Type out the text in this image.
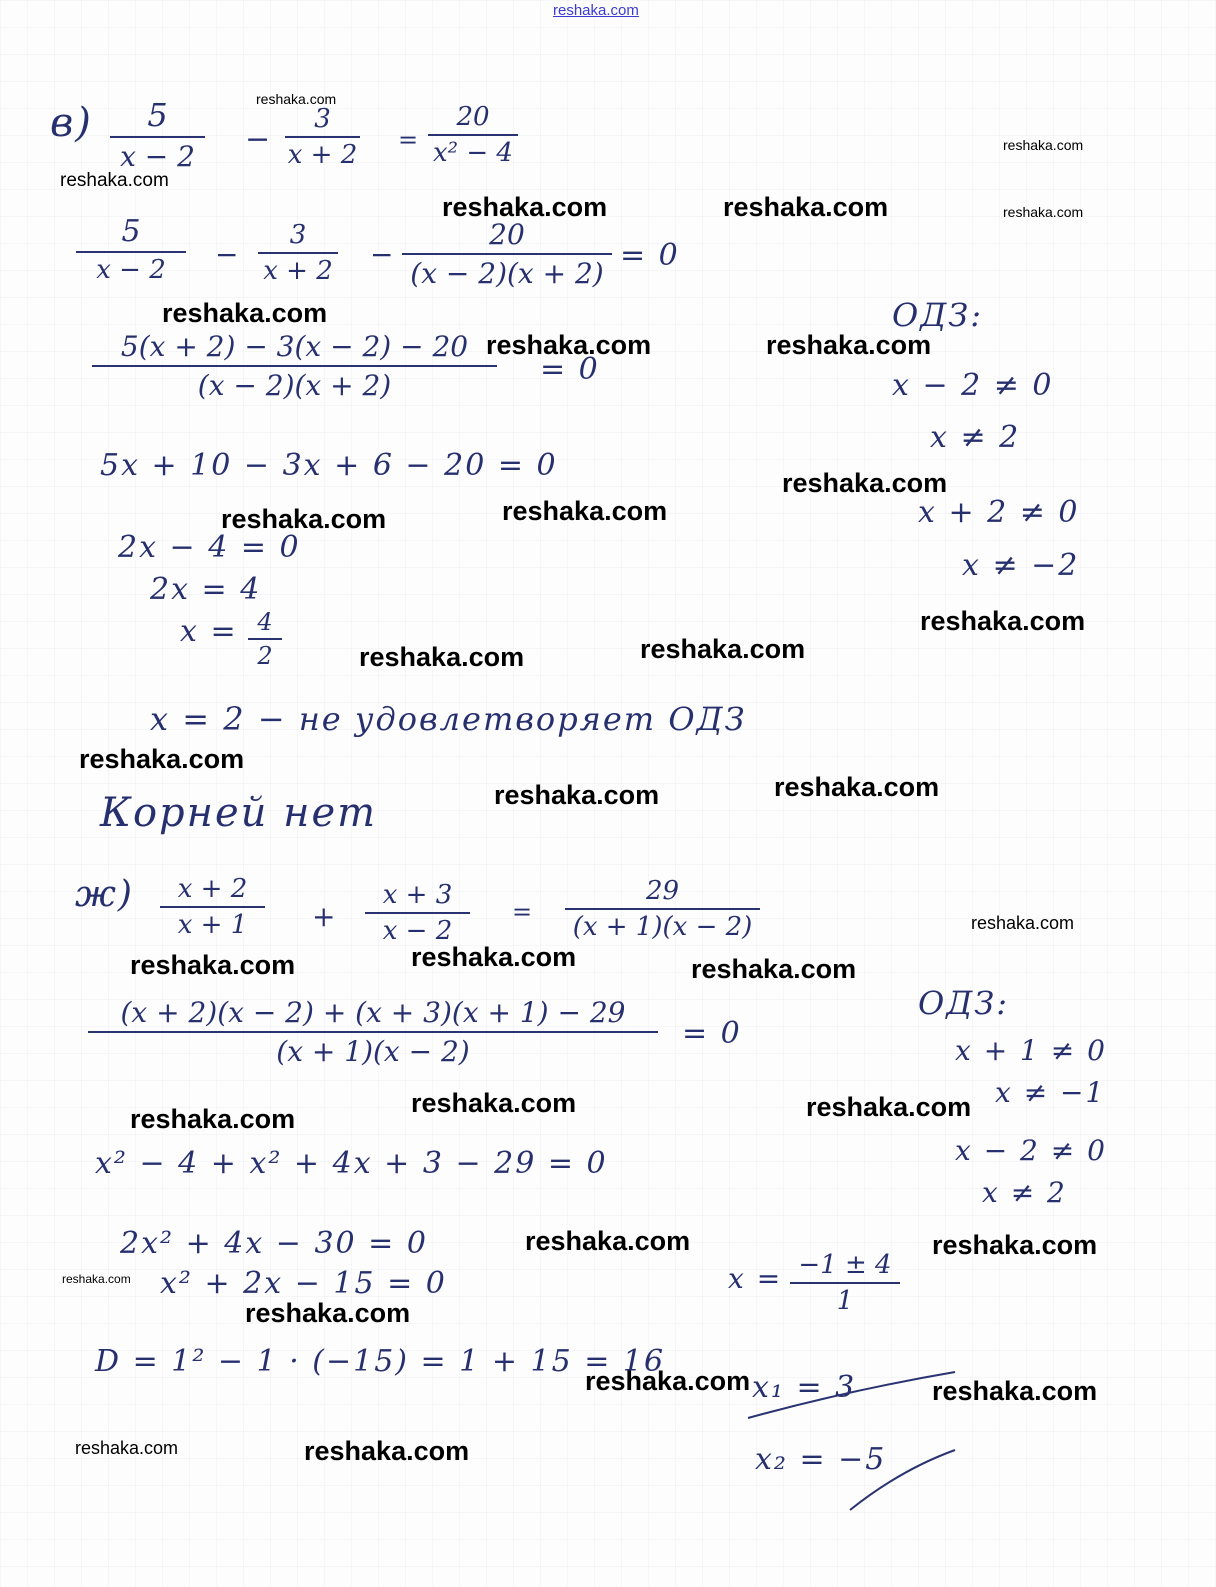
reshaka.com
в)	5
x − 2	−
3
x + 2 =
20
x² − 4
5
x − 2	−
3
x + 2 −
20
(x − 2)(x + 2)
= 0
5(x + 2) − 3(x − 2) − 20
(x − 2)(x + 2)	= 0
5x + 10 − 3x + 6 − 20 = 0
2x − 4 = 0
2x = 4
x = 4
2
x = 2 − не удовлетворяет ОДЗ
Корней нет
ОДЗ:
x − 2 ≠ 0
x ≠ 2
x + 2 ≠ 0
x ≠ −2
ж)	x + 2
x + 1	+
x + 3
x − 2
=
29
(x + 1)(x − 2)
(x + 2)(x − 2) + (x + 3)(x + 1) − 29
(x + 1)(x − 2)
= 0
x² − 4 + x² + 4x + 3 − 29 = 0
2x² + 4x − 30 = 0
x² + 2x − 15 = 0
D = 1² − 1 · (−15) = 1 + 15 = 16
x = −1 ± 4
1
x₁ = 3
x₂ = −5
ОДЗ:
x + 1 ≠ 0
x ≠ −1
x − 2 ≠ 0
x ≠ 2
reshaka.com
reshaka.com
reshaka.com
reshaka.com	reshaka.com	reshaka.com
reshaka.com
reshaka.com	reshaka.com
reshaka.com
reshaka.com
reshaka.com
reshaka.com
reshaka.com
reshaka.com
reshaka.com
reshaka.com
reshaka.com
reshaka.com
reshaka.com
reshaka.com	reshaka.com
reshaka.com	reshaka.com
reshaka.com
reshaka.com	reshaka.com
reshaka.com
reshaka.com
reshaka.com	reshaka.com
reshaka.com	reshaka.com
